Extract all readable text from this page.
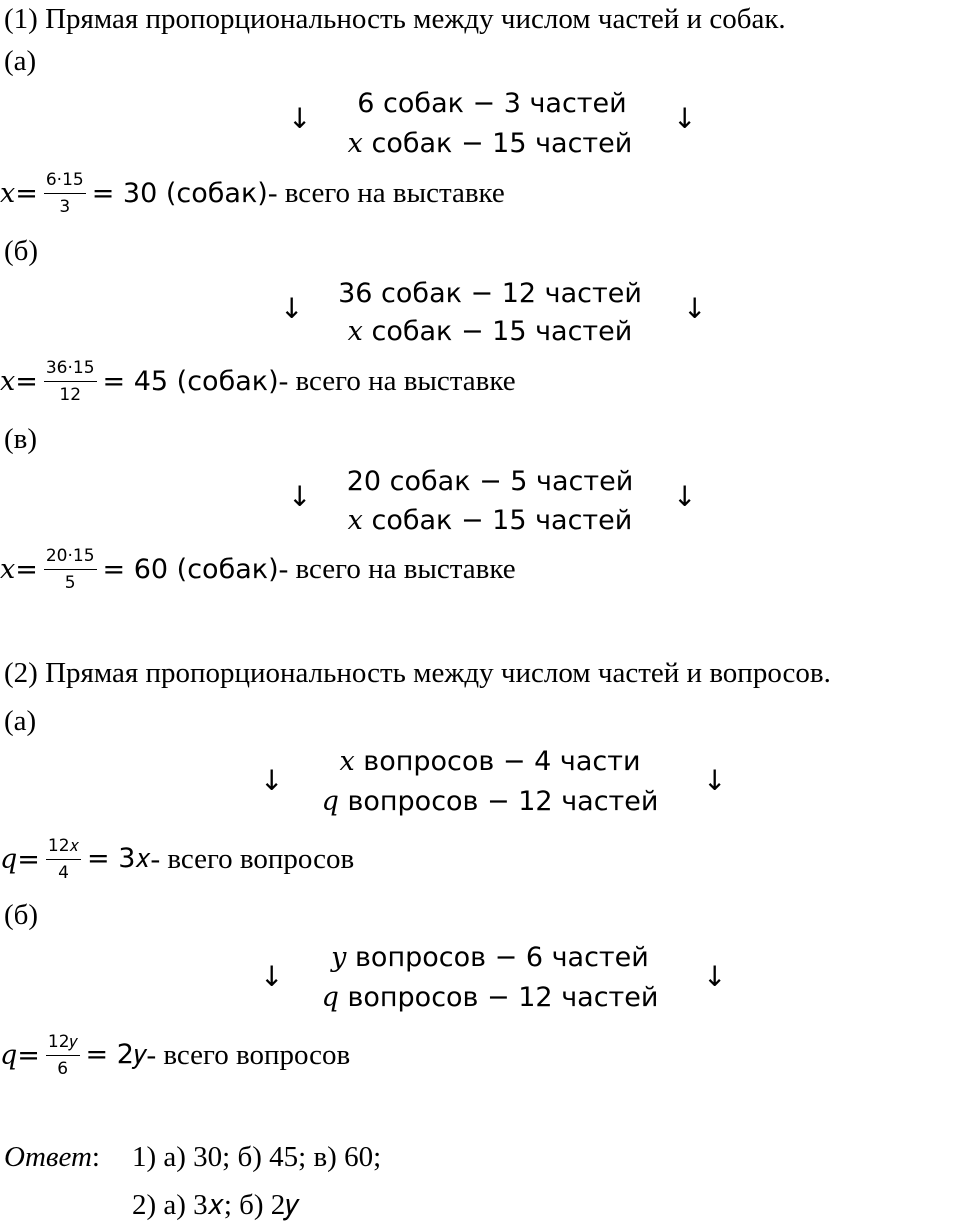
(1) Прямая пропорциональность между числом частей и собак.
(а)
↓ 6 собак − 3 частей
𝑥 собак − 15 частей
↓
𝑥 = $\frac{6\cdot 15}{3} = 30$ (собак) - всего на выставке
(б)
↓ 36 собак − 12 частей
𝑥 собак − 15 частей
↓
𝑥 = $\frac{36\cdot 15}{12} = 45$ (собак) - всего на выставке
(в)
↓ 20 собак − 5 частей
𝑥 собак − 15 частей
↓
𝑥 = $\frac{20\cdot 15}{5} = 60$ (собак) - всего на выставке
(2) Прямая пропорциональность между числом частей и вопросов.
(а)
↓
𝑥 вопросов − 4 части
𝑞 вопросов − 12 частей
↓
𝑞 = $\frac{\text{12𝑥}}{4}$ = 3𝑥 - всего вопросов
(б)
↓
𝑦 вопросов − 6 частей
𝑞 вопросов − 12 частей
↓
𝑞 = $\frac{\text{12𝑦}}{6}$ = 2𝑦 - всего вопросов
Ответ: 1) а) 30; б) 45; в) 60;
2) а) 3𝑥; б) 2𝑦
